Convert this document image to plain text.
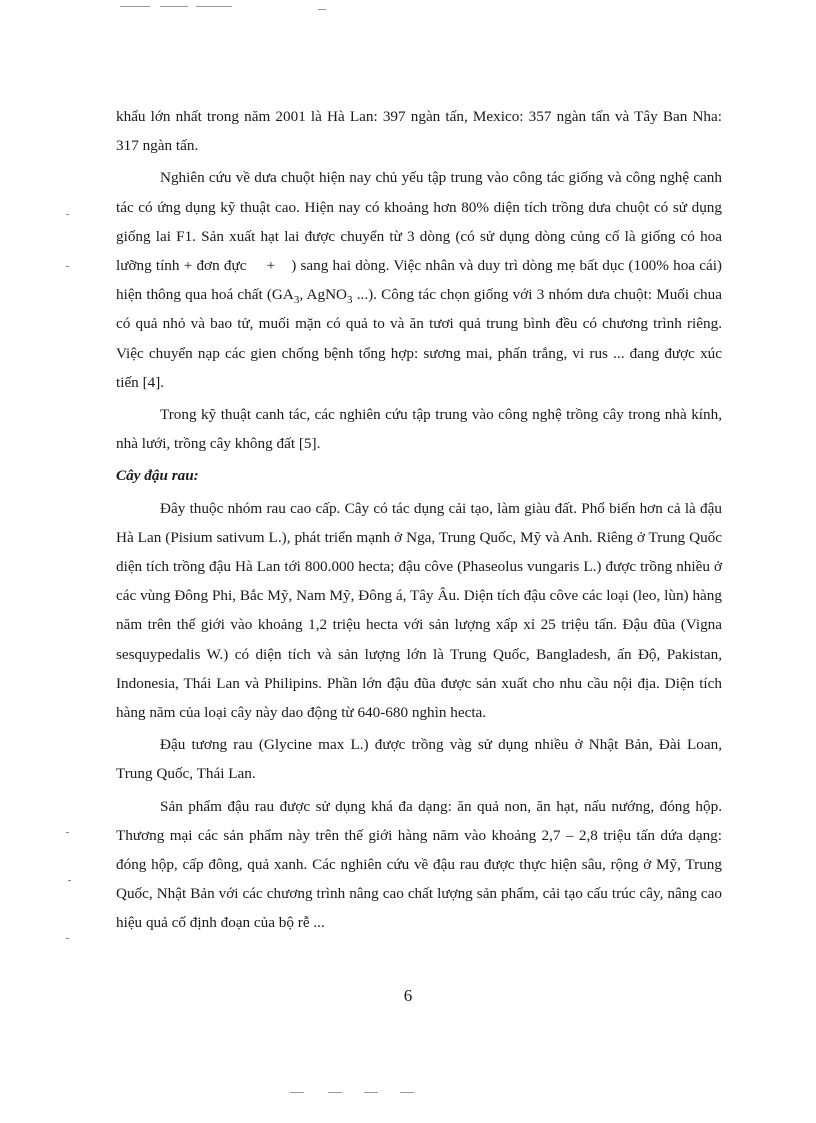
khẩu lớn nhất trong năm 2001 là Hà Lan: 397 ngàn tấn, Mexico: 357 ngàn tấn và Tây Ban Nha: 317 ngàn tấn.

Nghiên cứu về dưa chuột hiện nay chủ yếu tập trung vào công tác giống và công nghệ canh tác có ứng dụng kỹ thuật cao. Hiện nay có khoảng hơn 80% diện tích trồng dưa chuột có sử dụng giống lai F1. Sản xuất hạt lai được chuyển từ 3 dòng (có sử dụng dòng củng cố là giống có hoa lưỡng tính + đơn đực + ) sang hai dòng. Việc nhân và duy trì dòng mẹ bất dục (100% hoa cái) hiện thông qua hoá chất ($GA_3$, AgNO$_3$ ...). Công tác chọn giống với 3 nhóm dưa chuột: Muối chua có quả nhỏ và bao tử, muối mặn có quả to và ăn tươi quả trung bình đều có chương trình riêng. Việc chuyển nạp các gien chống bệnh tổng hợp: sương mai, phấn trắng, vi rus ... đang được xúc tiến [4].

Trong kỹ thuật canh tác, các nghiên cứu tập trung vào công nghệ trồng cây trong nhà kính, nhà lưới, trồng cây không đất [5].

Cây đậu rau:

Đây thuộc nhóm rau cao cấp. Cây có tác dụng cải tạo, làm giàu đất. Phổ biến hơn cả là đậu Hà Lan (Pisium sativum L.), phát triển mạnh ở Nga, Trung Quốc, Mỹ và Anh. Riêng ở Trung Quốc diện tích trồng đậu Hà Lan tới 800.000 hecta; đậu côve (Phaseolus vungaris L.) được trồng nhiều ở các vùng Đông Phi, Bắc Mỹ, Nam Mỹ, Đông á, Tây Âu. Diện tích đậu côve các loại (leo, lùn) hàng năm trên thế giới vào khoảng 1,2 triệu hecta với sản lượng xấp xỉ 25 triệu tấn. Đậu đũa (Vigna sesquypedalis W.) có diện tích và sản lượng lớn là Trung Quốc, Bangladesh, ấn Độ, Pakistan, Indonesia, Thái Lan và Philipins. Phần lớn đậu đũa được sản xuất cho nhu cầu nội địa. Diện tích hàng năm của loại cây này dao động từ 640-680 nghìn hecta.

Đậu tương rau (Glycine max L.) được trồng vàg sử dụng nhiều ở Nhật Bản, Đài Loan, Trung Quốc, Thái Lan.

Sản phẩm đậu rau được sử dụng khá đa dạng: ăn quả non, ăn hạt, nấu nướng, đóng hộp. Thương mại các sản phẩm này trên thế giới hàng năm vào khoảng 2,7 – 2,8 triệu tấn dứa dạng: đóng hộp, cấp đông, quả xanh. Các nghiên cứu về đậu rau được thực hiện sâu, rộng ở Mỹ, Trung Quốc, Nhật Bản với các chương trình nâng cao chất lượng sản phẩm, cải tạo cấu trúc cây, nâng cao hiệu quả cố định đoạn của bộ rễ ...

6
